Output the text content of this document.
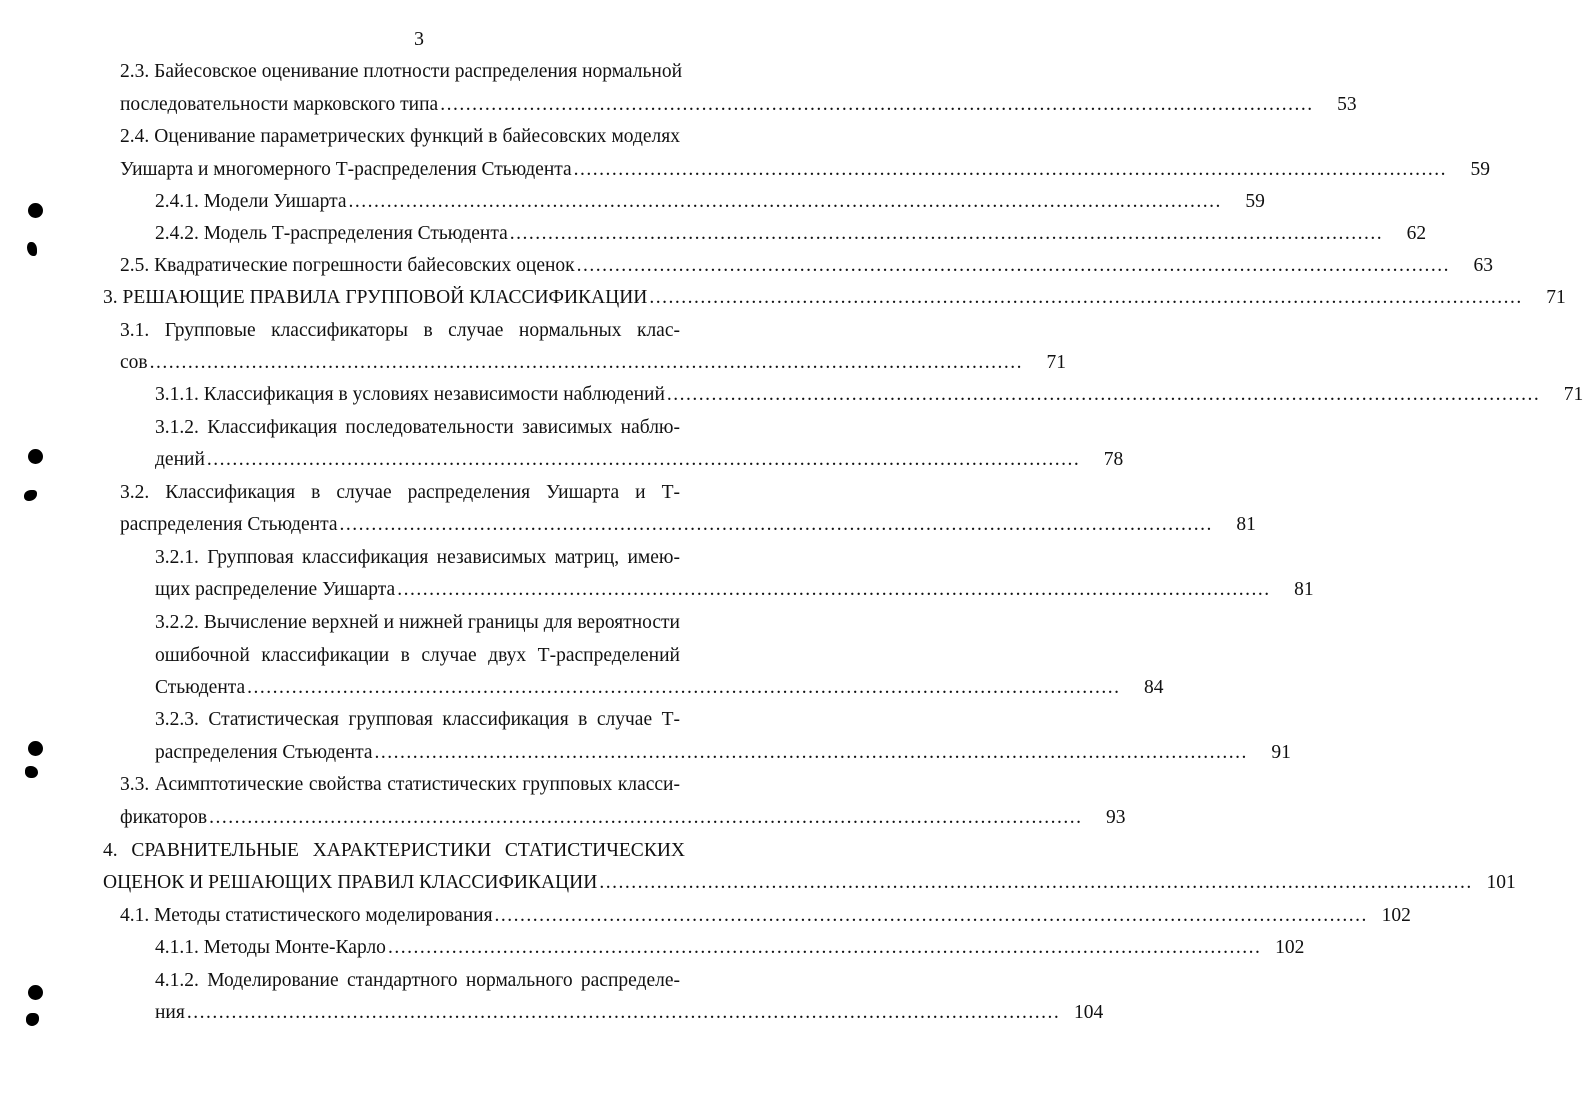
3
2.3. Байесовское оценивание плотности распределения нормальной
последовательности марковского типа .........................................................................................................................................	53
2.4. Оценивание параметрических функций в байесовских моделях
Уишарта и многомерного Т-распределения Стьюдента .........................................................................................................................................	59
2.4.1. Модели Уишарта .........................................................................................................................................	59
2.4.2. Модель Т-распределения Стьюдента .........................................................................................................................................	62
2.5. Квадратические погрешности байесовских оценок .........................................................................................................................................	63
3. РЕШАЮЩИЕ ПРАВИЛА ГРУППОВОЙ КЛАССИФИКАЦИИ .........................................................................................................................................	71
3.1. Групповые классификаторы в случае нормальных клас-
сов .........................................................................................................................................	71
3.1.1. Классификация в условиях независимости наблюдений .........................................................................................................................................	71
3.1.2. Классификация последовательности зависимых наблю-
дений .........................................................................................................................................	78
3.2. Классификация в случае распределения Уишарта и Т-
распределения Стьюдента .........................................................................................................................................	81
3.2.1. Групповая классификация независимых матриц, имею-
щих распределение Уишарта .........................................................................................................................................	81
3.2.2. Вычисление верхней и нижней границы для вероятности
ошибочной классификации в случае двух Т-распределений
Стьюдента .........................................................................................................................................	84
3.2.3. Статистическая групповая классификация в случае Т-
распределения Стьюдента .........................................................................................................................................	91
3.3. Асимптотические свойства статистических групповых класси-
фикаторов .........................................................................................................................................	93
4. СРАВНИТЕЛЬНЫЕ ХАРАКТЕРИСТИКИ СТАТИСТИЧЕСКИХ
ОЦЕНОК И РЕШАЮЩИХ ПРАВИЛ КЛАССИФИКАЦИИ ......................................................................................................................................... 101
4.1. Методы статистического моделирования ......................................................................................................................................... 102
4.1.1. Методы Монте-Карло ......................................................................................................................................... 102
4.1.2. Моделирование стандартного нормального распределе-
ния ......................................................................................................................................... 104
